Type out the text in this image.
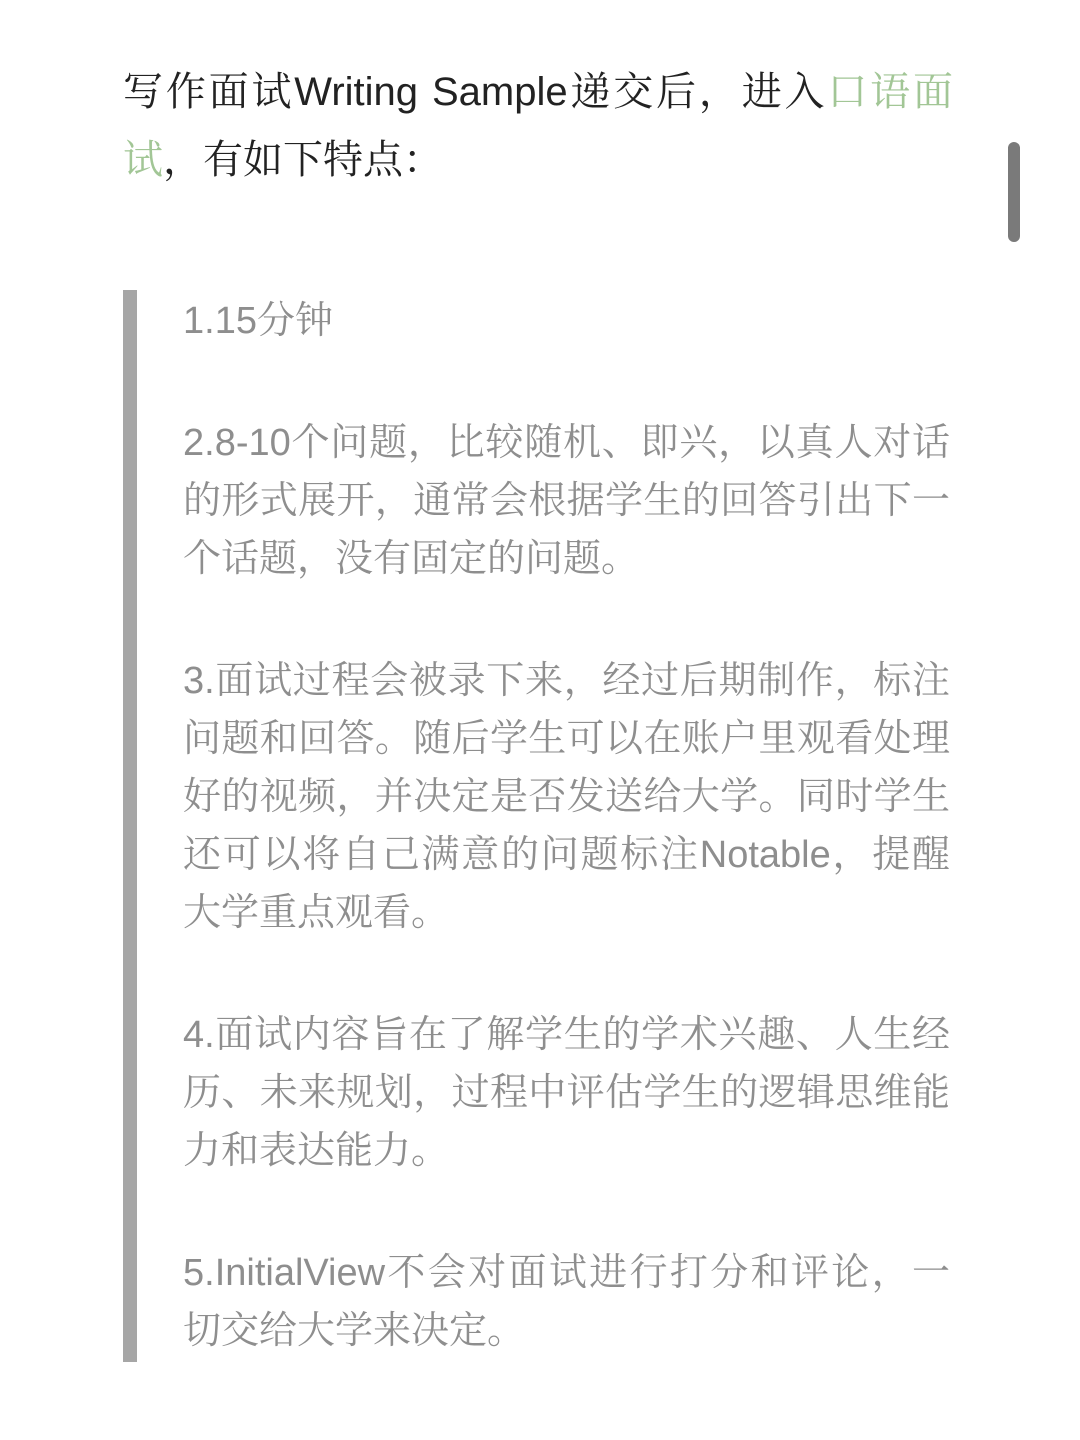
写作面试Writing Sample递交后，进入口语面试，有如下特点：

1.15分钟

2.8-10个问题，比较随机、即兴，以真人对话的形式展开，通常会根据学生的回答引出下一个话题，没有固定的问题。

3.面试过程会被录下来，经过后期制作，标注问题和回答。随后学生可以在账户里观看处理好的视频，并决定是否发送给大学。同时学生还可以将自己满意的问题标注Notable，提醒大学重点观看。

4.面试内容旨在了解学生的学术兴趣、人生经历、未来规划，过程中评估学生的逻辑思维能力和表达能力。

5.InitialView不会对面试进行打分和评论，一切交给大学来决定。
